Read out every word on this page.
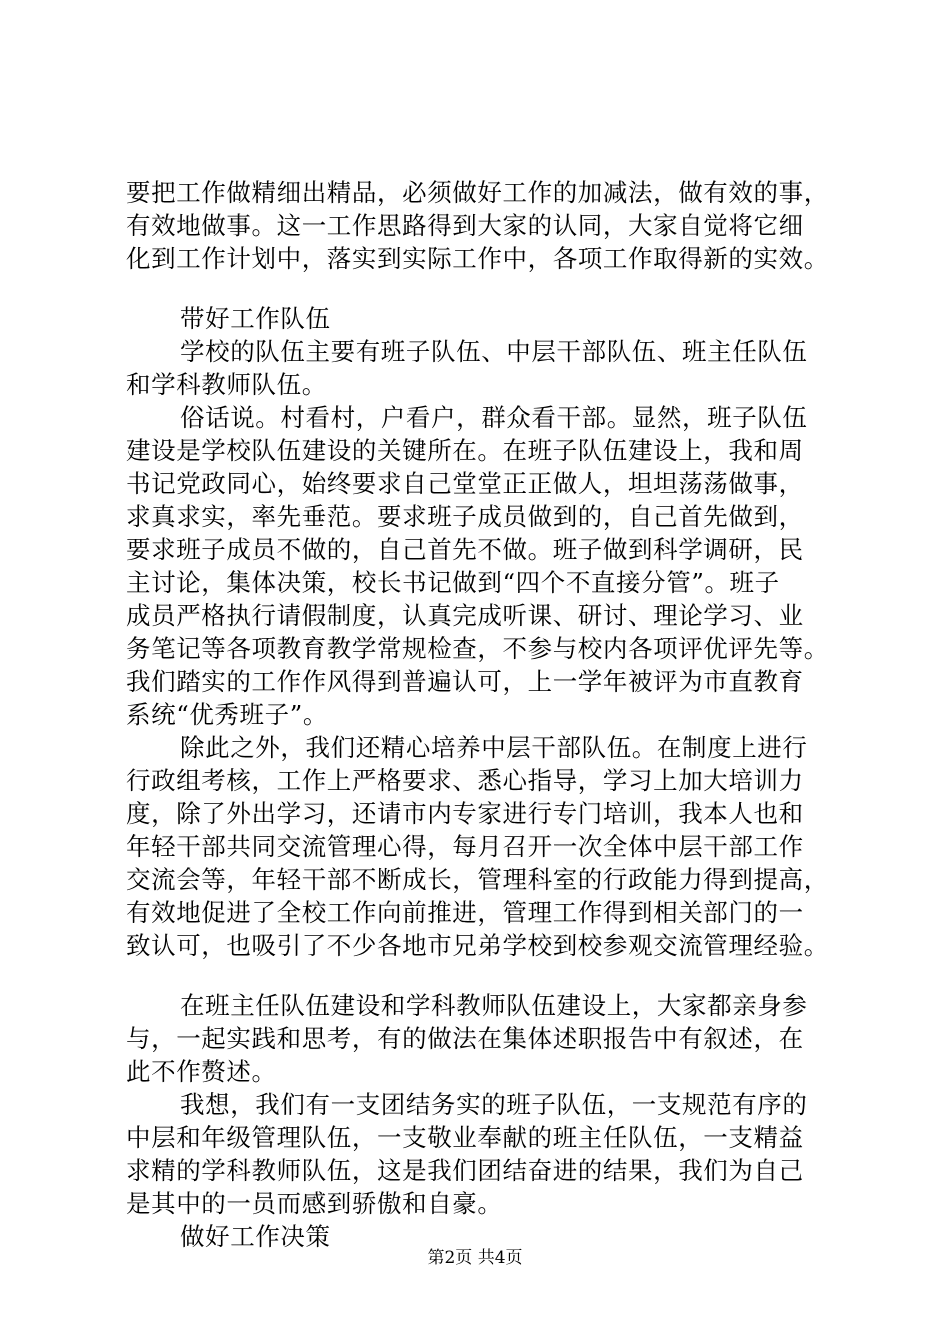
要把工作做精细出精品，必须做好工作的加减法，做有效的事，
有效地做事。这一工作思路得到大家的认同，大家自觉将它细
化到工作计划中，落实到实际工作中，各项工作取得新的实效。
带好工作队伍
学校的队伍主要有班子队伍、中层干部队伍、班主任队伍
和学科教师队伍。
俗话说。村看村，户看户，群众看干部。显然，班子队伍
建设是学校队伍建设的关键所在。在班子队伍建设上，我和周
书记党政同心，始终要求自己堂堂正正做人，坦坦荡荡做事，
求真求实，率先垂范。要求班子成员做到的，自己首先做到，
要求班子成员不做的，自己首先不做。班子做到科学调研，民
主讨论，集体决策，校长书记做到“四个不直接分管”。班子
成员严格执行请假制度，认真完成听课、研讨、理论学习、业
务笔记等各项教育教学常规检查，不参与校内各项评优评先等。
我们踏实的工作作风得到普遍认可，上一学年被评为市直教育
系统“优秀班子”。
除此之外，我们还精心培养中层干部队伍。在制度上进行
行政组考核，工作上严格要求、悉心指导，学习上加大培训力
度，除了外出学习，还请市内专家进行专门培训，我本人也和
年轻干部共同交流管理心得，每月召开一次全体中层干部工作
交流会等，年轻干部不断成长，管理科室的行政能力得到提高，
有效地促进了全校工作向前推进，管理工作得到相关部门的一
致认可，也吸引了不少各地市兄弟学校到校参观交流管理经验。
在班主任队伍建设和学科教师队伍建设上，大家都亲身参
与，一起实践和思考，有的做法在集体述职报告中有叙述，在
此不作赘述。
我想，我们有一支团结务实的班子队伍，一支规范有序的
中层和年级管理队伍，一支敬业奉献的班主任队伍，一支精益
求精的学科教师队伍，这是我们团结奋进的结果，我们为自己
是其中的一员而感到骄傲和自豪。
做好工作决策
第2页 共4页
